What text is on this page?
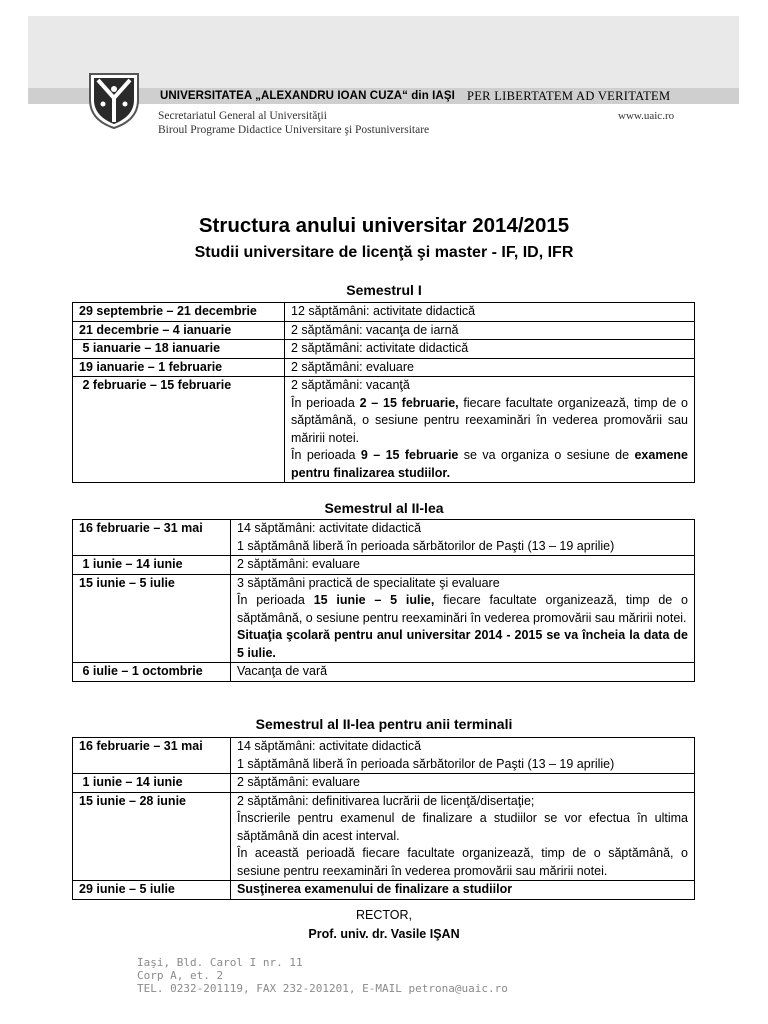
UNIVERSITATEA „ALEXANDRU IOAN CUZA“ din IAŞI PER LIBERTATEM AD VERITATEM
Secretariatul General al Universităţii
Biroul Programe Didactice Universitare şi Postuniversitare
www.uaic.ro
Structura anului universitar 2014/2015
Studii universitare de licenţă şi master - IF, ID, IFR
Semestrul I
29 septembrie – 21 decembrie	12 săptămâni: activitate didactică

21 decembrie – 4 ianuarie	2 săptămâni: vacanţa de iarnă

5 ianuarie – 18 ianuarie	2 săptămâni: activitate didactică

19 ianuarie – 1 februarie	2 săptămâni: evaluare

2 februarie – 15 februarie	2 săptămâni: vacanţă
În perioada 2 – 15 februarie, fiecare facultate organizează, timp de o săptămână, o sesiune pentru reexaminări în vederea promovării sau măririi notei.
În perioada 9 – 15 februarie se va organiza o sesiune de examene pentru finalizarea studiilor.
Semestrul al II-lea
16 februarie – 31 mai	14 săptămâni: activitate didactică
1 săptămână liberă în perioada sărbătorilor de Paşti (13 – 19 aprilie)

1 iunie – 14 iunie	2 săptămâni: evaluare

15 iunie – 5 iulie	3 săptămâni practică de specialitate şi evaluare
În perioada 15 iunie – 5 iulie, fiecare facultate organizează, timp de o săptămână, o sesiune pentru reexaminări în vederea promovării sau măririi notei.
Situaţia şcolară pentru anul universitar 2014 - 2015 se va încheia la data de 5 iulie.

6 iulie – 1 octombrie	Vacanţa de vară
Semestrul al II-lea pentru anii terminali
16 februarie – 31 mai	14 săptămâni: activitate didactică
1 săptămână liberă în perioada sărbătorilor de Paşti (13 – 19 aprilie)

1 iunie – 14 iunie	2 săptămâni: evaluare

15 iunie – 28 iunie	2 săptămâni: definitivarea lucrării de licenţă/disertaţie;
Înscrierile pentru examenul de finalizare a studiilor se vor efectua în ultima săptămână din acest interval.
În această perioadă fiecare facultate organizează, timp de o săptămână, o sesiune pentru reexaminări în vederea promovării sau măririi notei.

29 iunie – 5 iulie	Susţinerea examenului de finalizare a studiilor
RECTOR,
Prof. univ. dr. Vasile IŞAN
Iaşi, Bld. Carol I nr. 11
Corp A, et. 2
TEL. 0232-201119, FAX 232-201201, E-MAIL petrona@uaic.ro
